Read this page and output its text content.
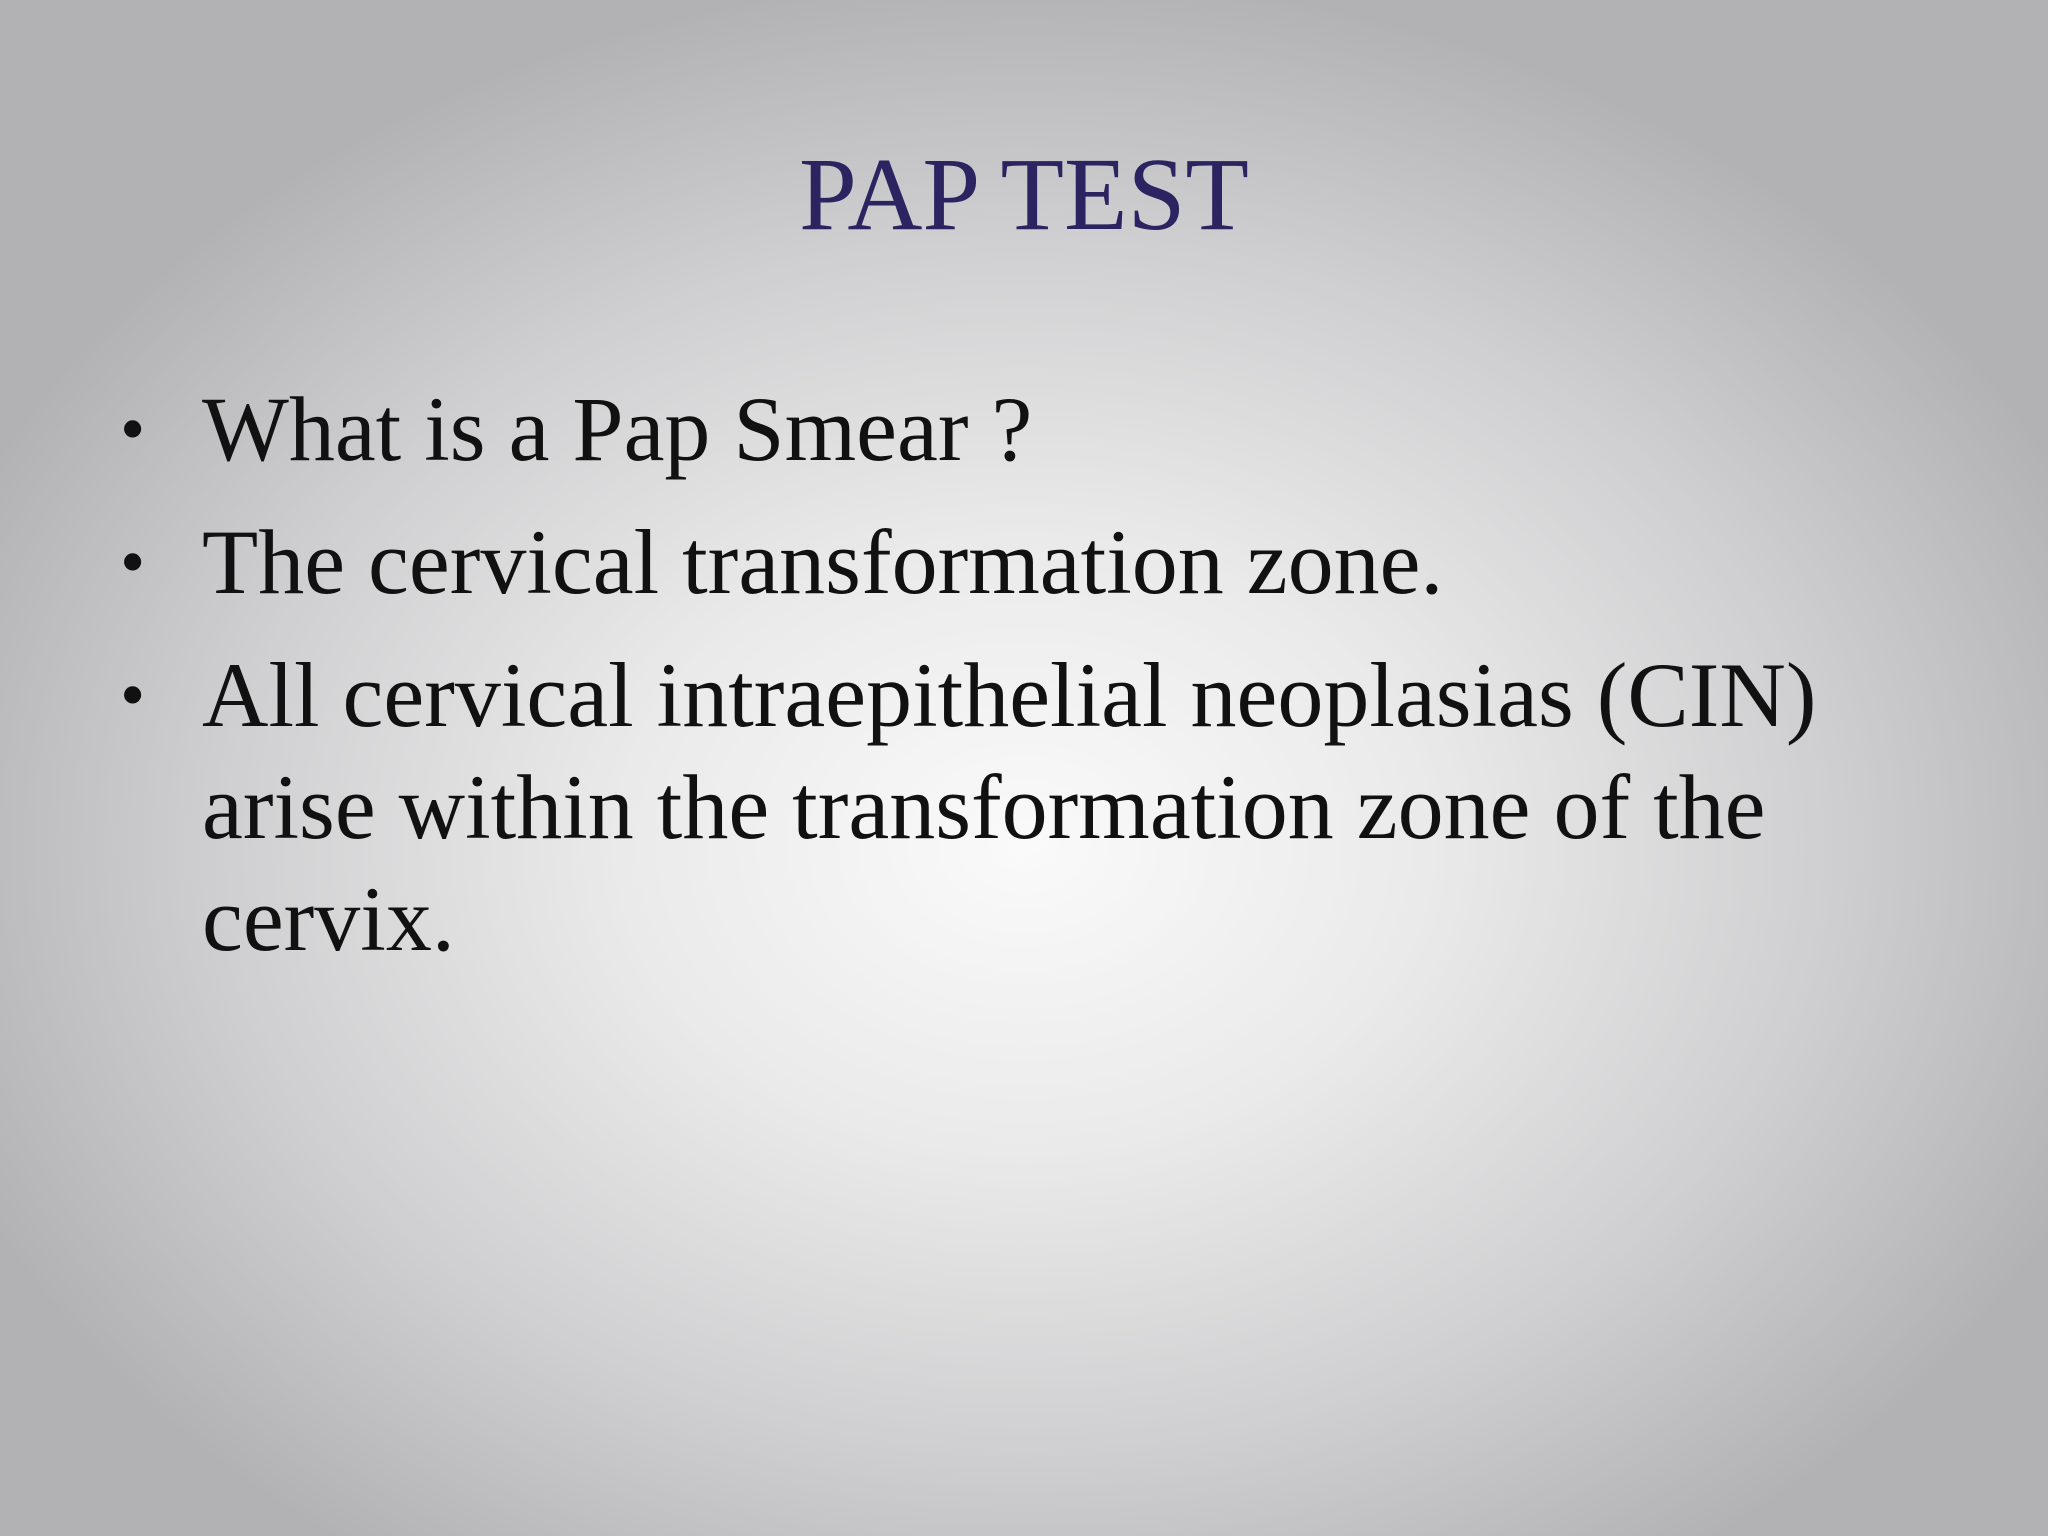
PAP TEST
• What is a Pap Smear ?
• The cervical transformation zone.
• All cervical intraepithelial neoplasias (CIN) arise within the transformation zone of the cervix.
